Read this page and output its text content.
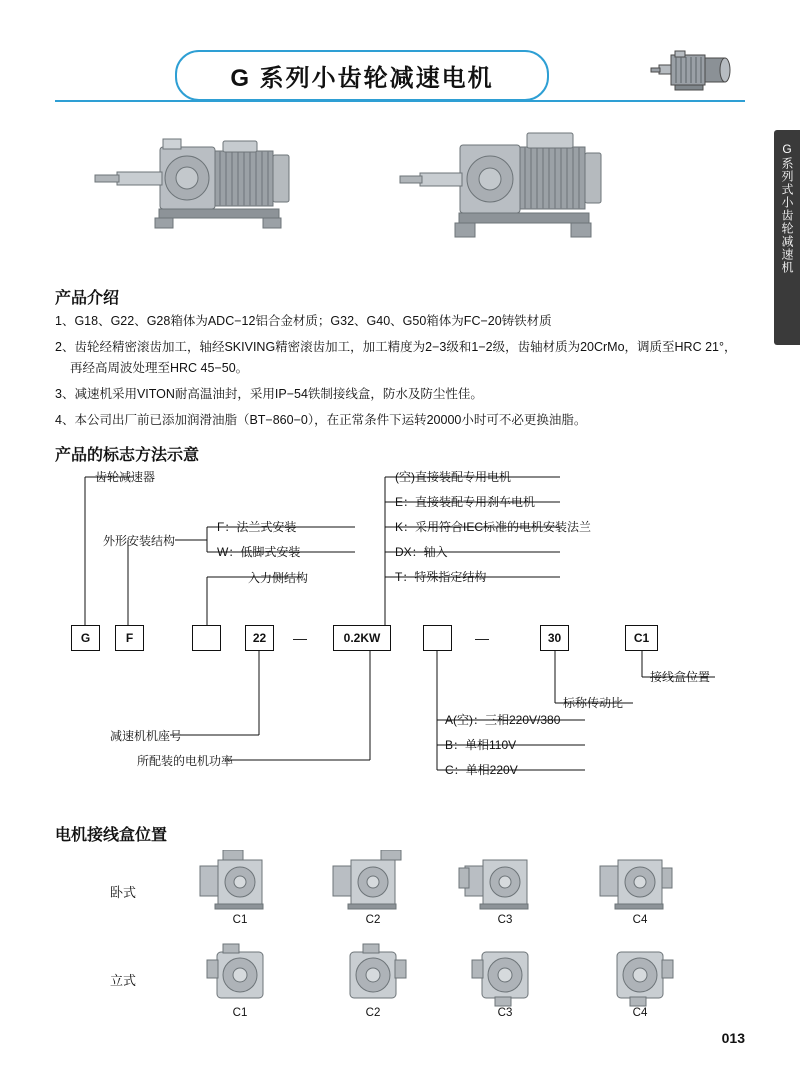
G 系列小齿轮减速电机
G系列式小齿轮减速机
产品介绍
1、G18、G22、G28箱体为ADC−12铝合金材质；G32、G40、G50箱体为FC−20铸铁材质
2、齿轮经精密滚齿加工，轴经SKIVING精密滚齿加工，加工精度为2−3级和1−2级，齿轴材质为20CrMo，调质至HRC 21°，
再经高周波处理至HRC 45−50。
3、减速机采用VITON耐高温油封，采用IP−54铁制接线盒，防水及防尘性佳。
4、本公司出厂前已添加润滑油脂（BT−860−0），在正常条件下运转20000小时可不必更换油脂。
产品的标志方法示意
(空)直接装配专用电机
E：直接装配专用刹车电机
K：采用符合IEC标准的电机安装法兰
DX：轴入
T：特殊指定结构
F：法兰式安装
W：低脚式安装
齿轮减速器
外形安装结构
入力侧结构
减速机机座号
所配装的电机功率
A(空)：三相220V/380
B：单相110V
C：单相220V
标称传动比
接线盒位置
G	F	22	—	0.2KW	—	30	C1
电机接线盒位置
卧式
C1	C2	C3	C4
立式
C1	C2	C3	C4
013
